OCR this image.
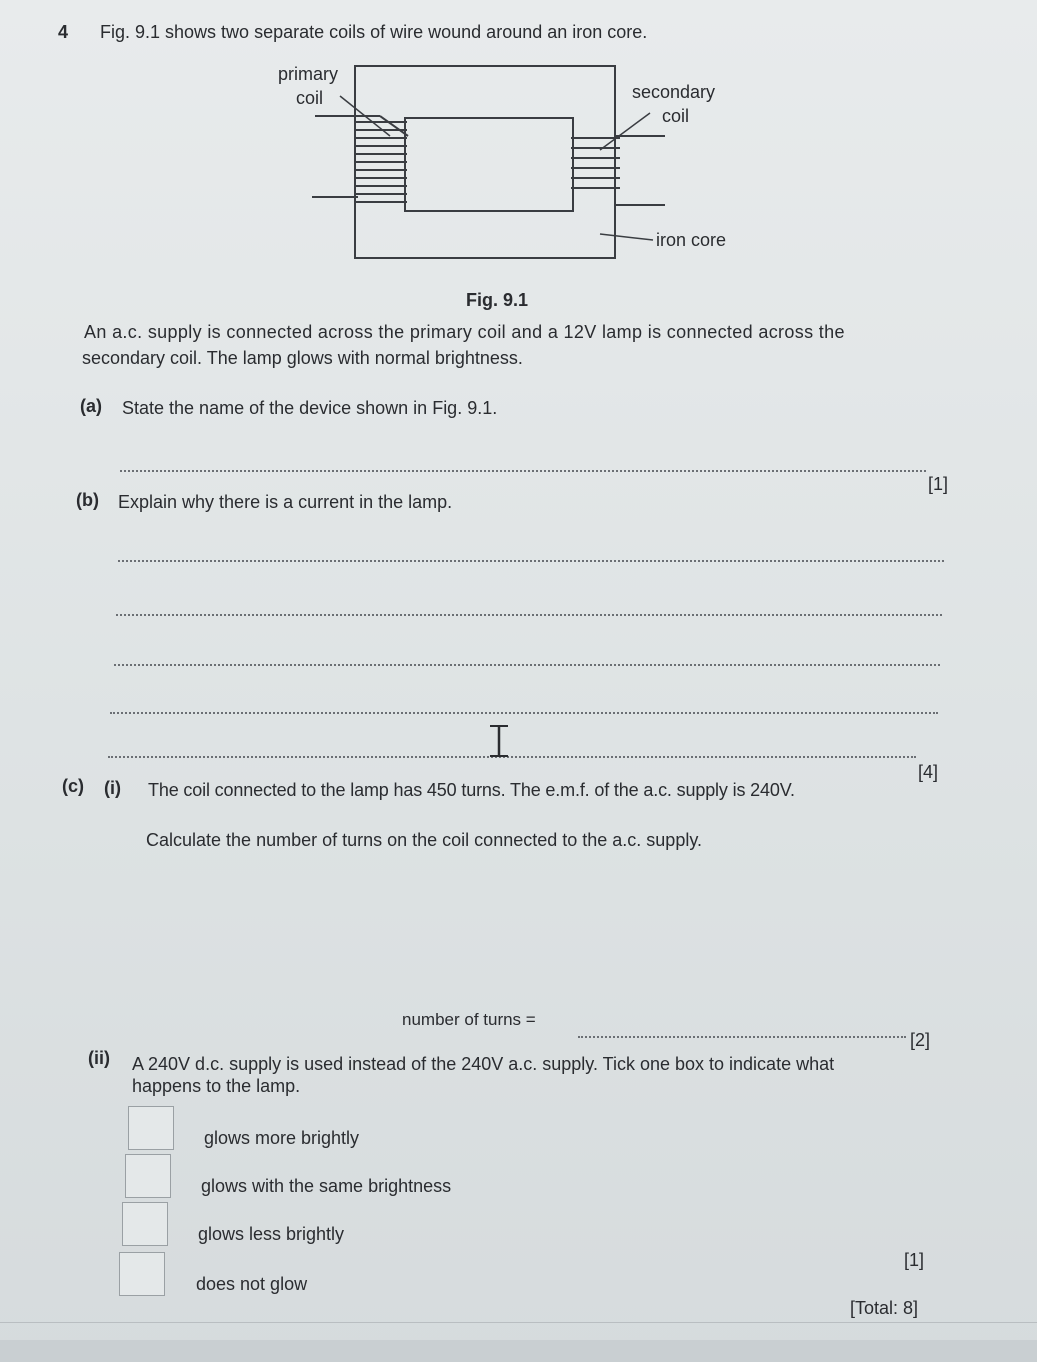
4 Fig. 9.1 shows two separate coils of wire wound around an iron core.
primary
coil	secondary
coil
iron core
Fig. 9.1
An a.c. supply is connected across the primary coil and a 12V lamp is connected across the
secondary coil. The lamp glows with normal brightness.
(a) State the name of the device shown in Fig. 9.1.
[1]
(b) Explain why there is a current in the lamp.
[4]
(c) (i) The coil connected to the lamp has 450 turns. The e.m.f. of the a.c. supply is 240V.
Calculate the number of turns on the coil connected to the a.c. supply.
number of turns =
[2]
(ii) A 240V d.c. supply is used instead of the 240V a.c. supply. Tick one box to indicate what
happens to the lamp.
glows more brightly
glows with the same brightness
glows less brightly
does not glow
[1]
[Total: 8]
